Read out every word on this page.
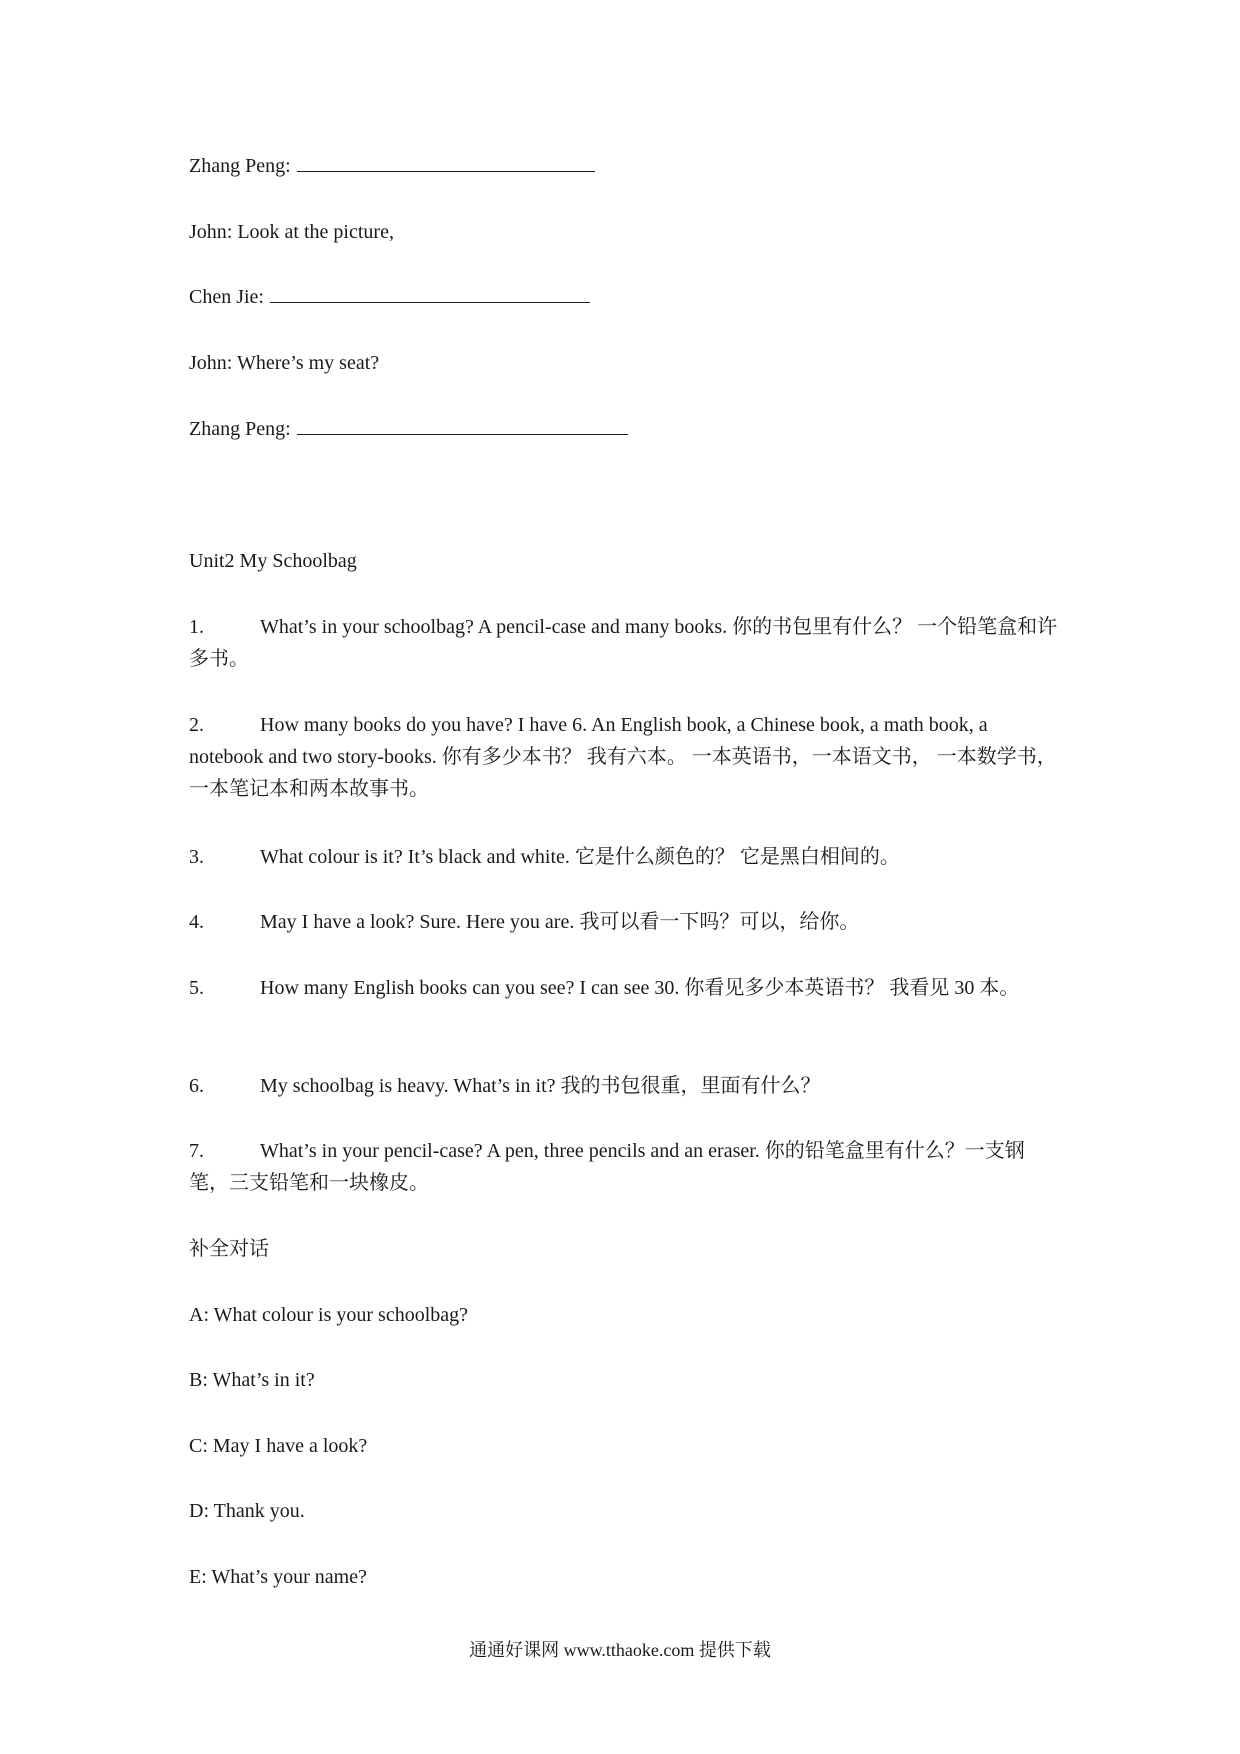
Zhang Peng:
John: Look at the picture,
Chen Jie:
John: Where’s my seat?
Zhang Peng:
Unit2 My Schoolbag
1.	What’s in your schoolbag? A pencil-case and many books. 你的书包里有什么？ 一个铅笔盒和许多书。
2.	How many books do you have? I have 6. An English book, a Chinese book, a math book, a notebook and two story-books. 你有多少本书？ 我有六本。 一本英语书，一本语文书， 一本数学书，一本笔记本和两本故事书。
3.	What colour is it? It’s black and white. 它是什么颜色的？ 它是黑白相间的。
4.	May I have a look? Sure. Here you are. 我可以看一下吗？可以，给你。
5.	How many English books can you see? I can see 30. 你看见多少本英语书？ 我看见 30 本。
6.	My schoolbag is heavy. What’s in it? 我的书包很重，里面有什么？
7.	What’s in your pencil-case? A pen, three pencils and an eraser. 你的铅笔盒里有什么？一支钢笔，三支铅笔和一块橡皮。
补全对话
A: What colour is your schoolbag?
B: What’s in it?
C: May I have a look?
D: Thank you.
E: What’s your name?
通通好课网 www.tthaoke.com 提供下载
